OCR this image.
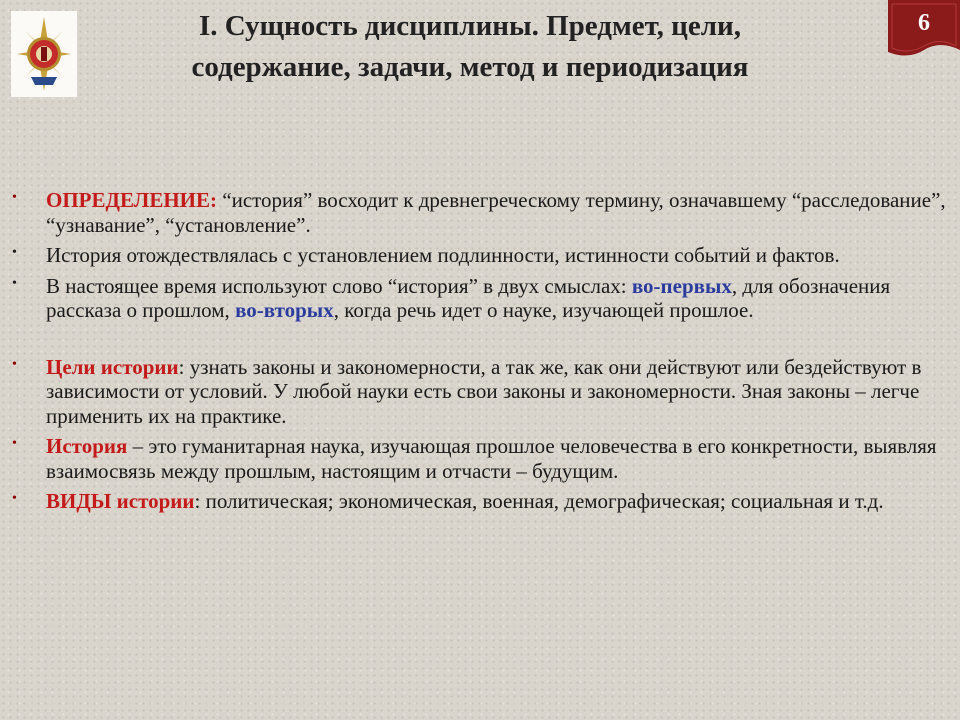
I. Сущность дисциплины. Предмет, цели,
содержание, задачи, метод и периодизация
6
• ОПРЕДЕЛЕНИЕ: “история” восходит к древнегреческому термину, означавшему “расследование”, “узнавание”, “установление”.
• История отождествлялась с установлением подлинности, истинности событий и фактов.
• В настоящее время используют слово “история” в двух смыслах: во-первых, для обозначения рассказа о прошлом, во-вторых, когда речь идет о науке, изучающей прошлое.
• Цели истории: узнать законы и закономерности, а так же, как они действуют или бездействуют в зависимости от условий. У любой науки есть свои законы и закономерности. Зная законы – легче применить их на практике.
• История – это гуманитарная наука, изучающая прошлое человечества в его конкретности, выявляя взаимосвязь между прошлым, настоящим и отчасти – будущим.
• ВИДЫ истории: политическая; экономическая, военная, демографическая; социальная и т.д.
